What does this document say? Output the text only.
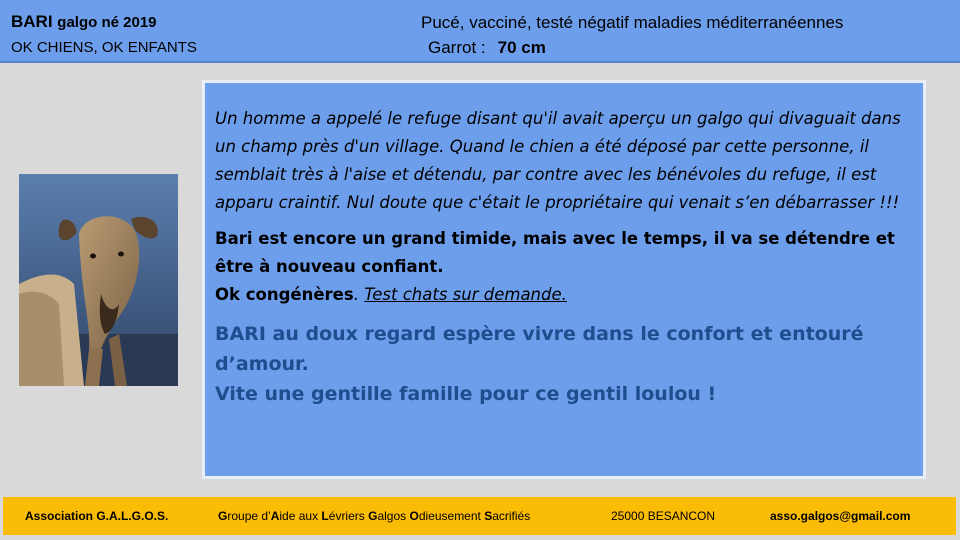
BARI galgo né 2019
OK CHIENS, OK ENFANTS
Pucé, vacciné, testé négatif maladies méditerranéennes
Garrot : 70 cm

Un homme a appelé le refuge disant qu'il avait aperçu un galgo qui divaguait dans un champ près d'un village. Quand le chien a été déposé par cette personne, il semblait très à l'aise et détendu, par contre avec les bénévoles du refuge, il est apparu craintif. Nul doute que c'était le propriétaire qui venait s’en débarrasser !!!

Bari est encore un grand timide, mais avec le temps, il va se détendre et être à nouveau confiant.
Ok congénères. Test chats sur demande.

BARI au doux regard espère vivre dans le confort et entouré d’amour.
Vite une gentille famille pour ce gentil loulou !

Association G.A.L.G.O.S.	Groupe d’Aide aux Lévriers Galgos Odieusement Sacrifiés	25000 BESANCON	asso.galgos@gmail.com
